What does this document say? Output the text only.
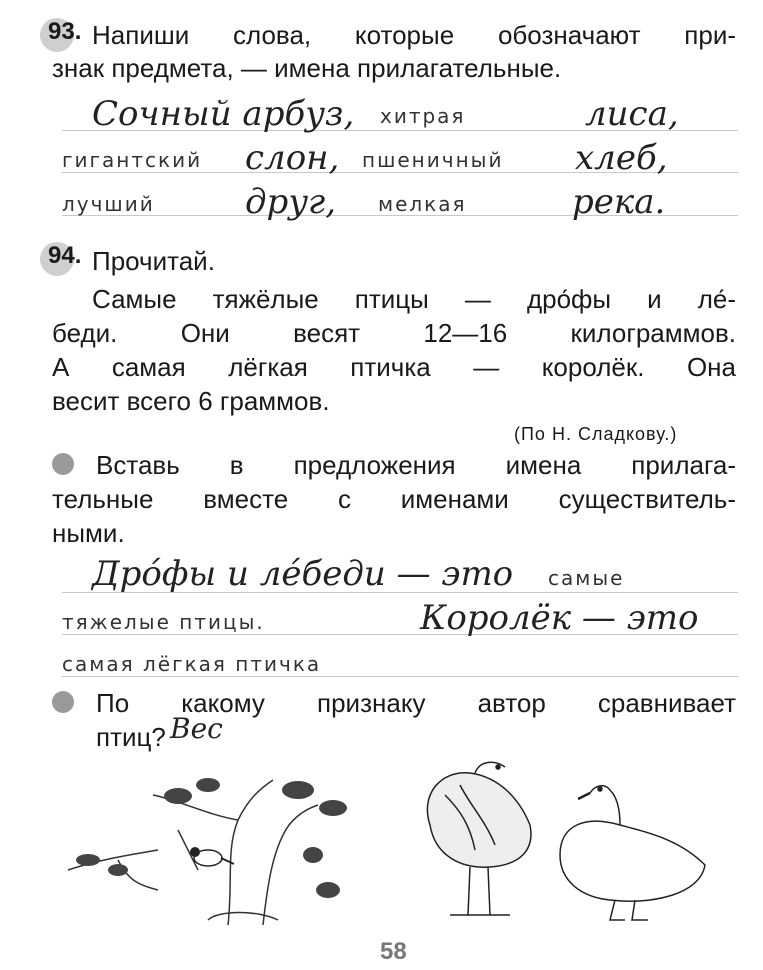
93. Напиши слова, которые обозначают при-
знак предмета, — имена прилагательные.
Сочный арбуз, хитрая	лиса,
гигантский слон, пшеничный хлеб,
лучший	друг, мелкая	река.
94. Прочитай.
Самые тяжёлые птицы — дро́фы и ле́-
беди. Они весят 12—16 килограммов.
А самая лёгкая птичка — королёк. Она
весит всего 6 граммов.
(По Н. Сладкову.)
Вставь в предложения имена прилага-
тельные вместе с именами существитель-
ными.
Дро́фы и ле́беди — это самые
тяжелые птицы.	Королёк — это
самая лёгкая птичка
По какому признаку автор сравнивает
птиц? Вес
58
